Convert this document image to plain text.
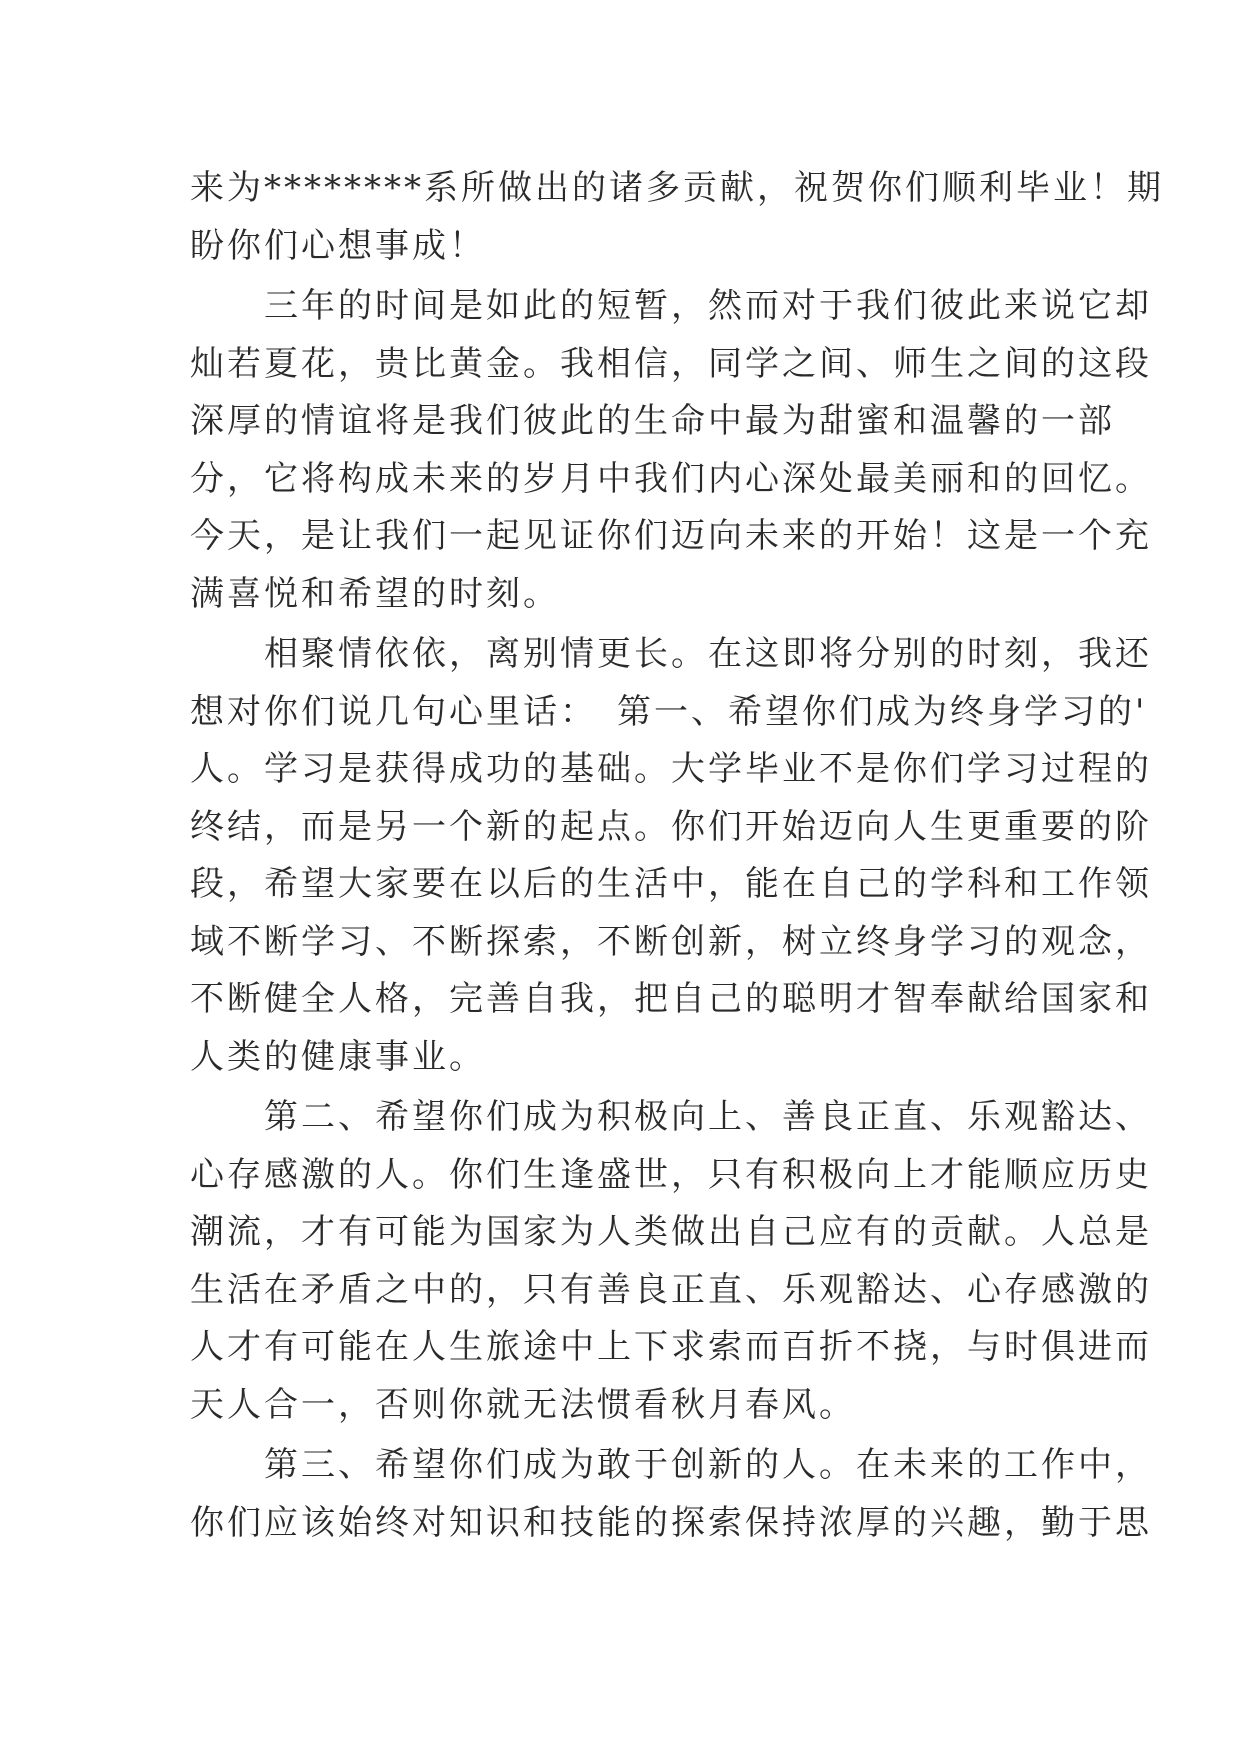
来为********系所做出的诸多贡献，祝贺你们顺利毕业！期
盼你们心想事成！
　　三年的时间是如此的短暂，然而对于我们彼此来说它却
灿若夏花，贵比黄金。我相信，同学之间、师生之间的这段
深厚的情谊将是我们彼此的生命中最为甜蜜和温馨的一部
分，它将构成未来的岁月中我们内心深处最美丽和的回忆。
今天，是让我们一起见证你们迈向未来的开始！这是一个充
满喜悦和希望的时刻。
　　相聚情依依，离别情更长。在这即将分别的时刻，我还
想对你们说几句心里话：　第一、希望你们成为终身学习的'
人。学习是获得成功的基础。大学毕业不是你们学习过程的
终结，而是另一个新的起点。你们开始迈向人生更重要的阶
段，希望大家要在以后的生活中，能在自己的学科和工作领
域不断学习、不断探索，不断创新，树立终身学习的观念，
不断健全人格，完善自我，把自己的聪明才智奉献给国家和
人类的健康事业。
　　第二、希望你们成为积极向上、善良正直、乐观豁达、
心存感激的人。你们生逢盛世，只有积极向上才能顺应历史
潮流，才有可能为国家为人类做出自己应有的贡献。人总是
生活在矛盾之中的，只有善良正直、乐观豁达、心存感激的
人才有可能在人生旅途中上下求索而百折不挠，与时俱进而
天人合一，否则你就无法惯看秋月春风。
　　第三、希望你们成为敢于创新的人。在未来的工作中，
你们应该始终对知识和技能的探索保持浓厚的兴趣，勤于思
